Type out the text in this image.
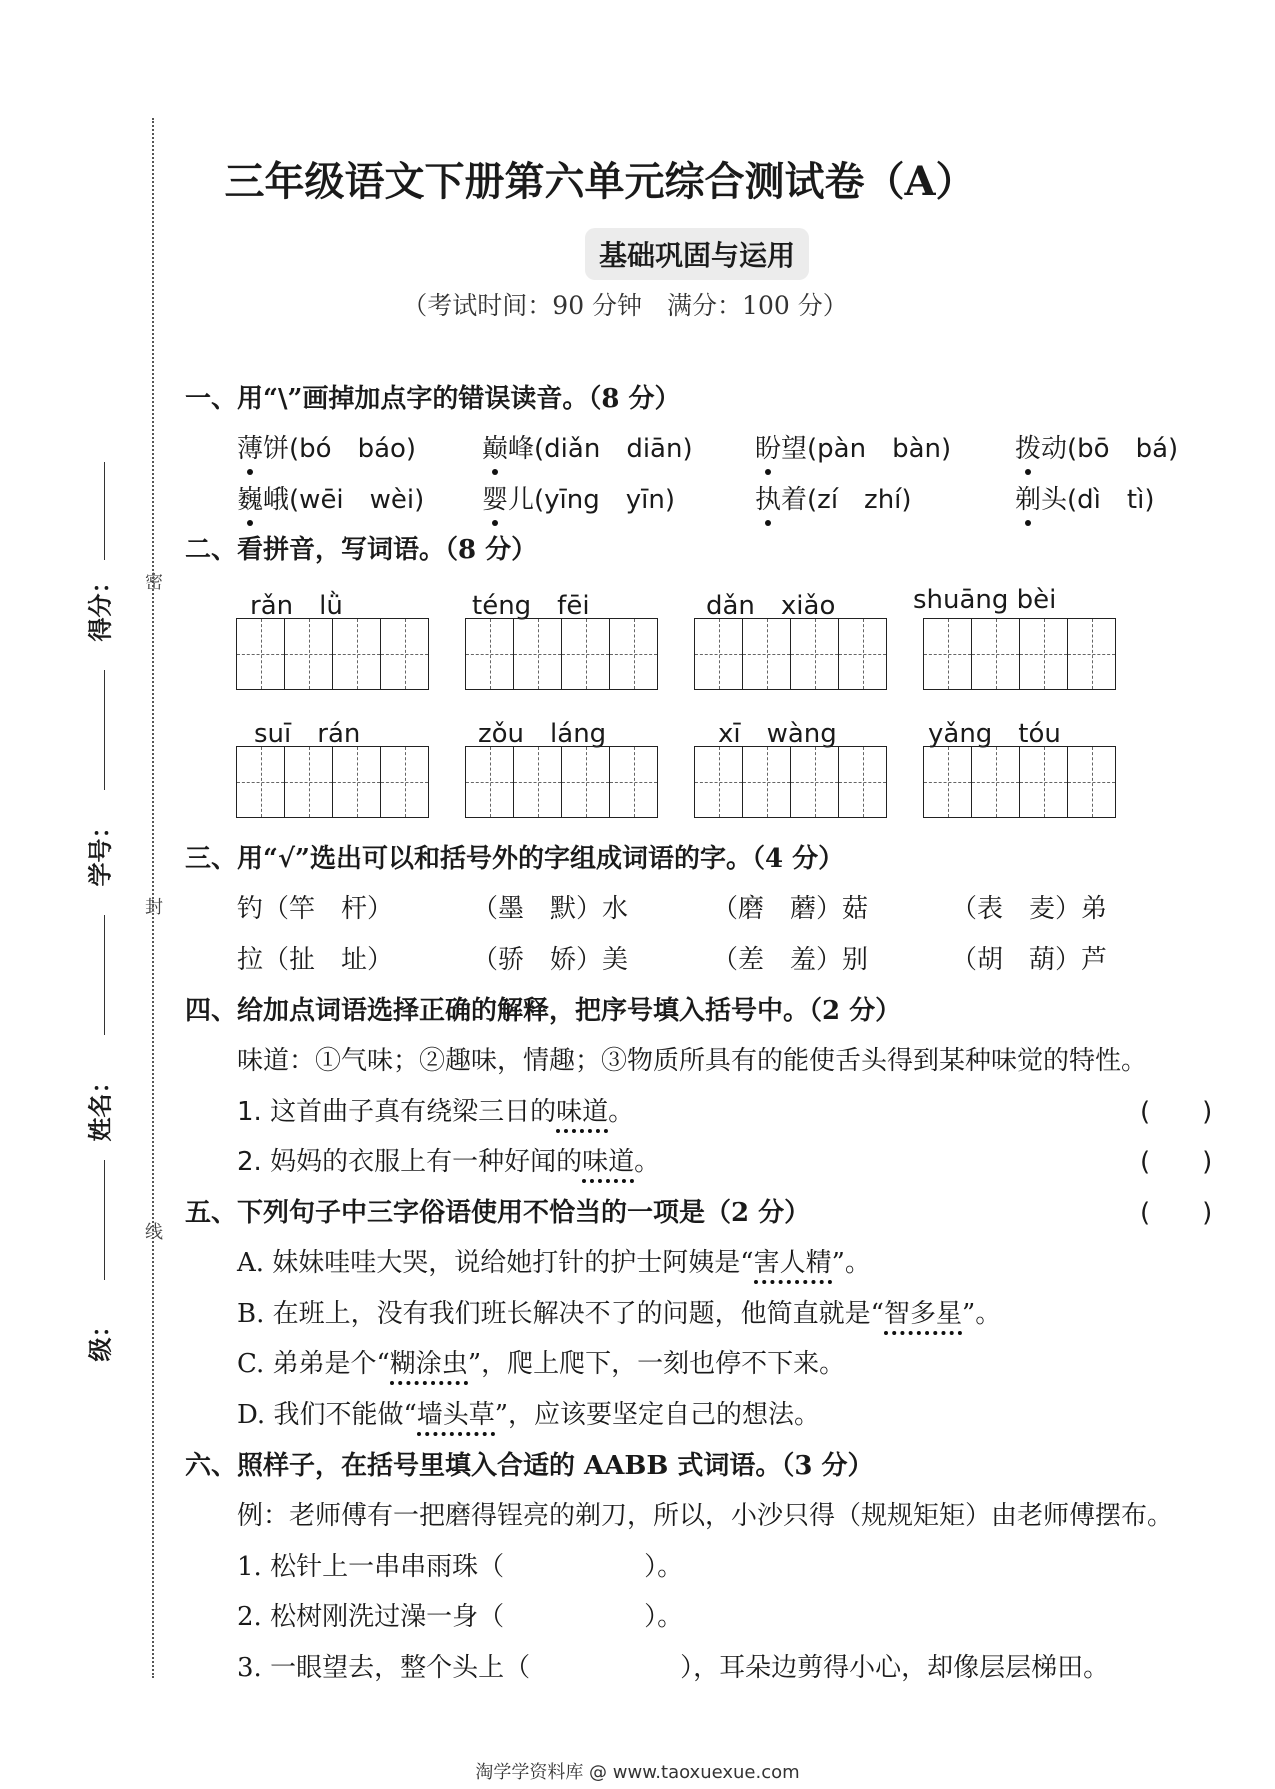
密
封
线
得分：
学号：
姓名：
级：
三年级语文下册第六单元综合测试卷（A）
基础巩固与运用
（考试时间：90 分钟　满分：100 分）
一、用“\”画掉加点字的错误读音。（8 分）
薄饼(bó　báo)	巅峰(diǎn　diān) 盼望(pàn　bàn) 拨动(bō　bá)
巍峨(wēi　wèi) 婴儿(yīng　yīn)	执着(zí　zhí)	剃头(dì　tì)
二、看拼音，写词语。（8 分）
rǎn　lǜ	téng　fēi	dǎn　xiǎo	shuāng bèi
suī　rán	zǒu　láng	xī　wàng	yǎng　tóu
三、用“√”选出可以和括号外的字组成词语的字。（4 分）
钓（竿　杆）	（墨　默）水	（磨　蘑）菇	（表　麦）弟
拉（扯　址）	（骄　娇）美	（差　羞）别	（胡　葫）芦
四、给加点词语选择正确的解释，把序号填入括号中。（2 分）
味道：①气味；②趣味，情趣；③物质所具有的能使舌头得到某种味觉的特性。
1. 这首曲子真有绕梁三日的味道。	(　　)
2. 妈妈的衣服上有一种好闻的味道。	(　　)
五、下列句子中三字俗语使用不恰当的一项是（2 分）	(　　)
A. 妹妹哇哇大哭，说给她打针的护士阿姨是“害人精”。
B. 在班上，没有我们班长解决不了的问题，他简直就是“智多星”。
C. 弟弟是个“糊涂虫”，爬上爬下，一刻也停不下来。
D. 我们不能做“墙头草”，应该要坚定自己的想法。
六、照样子，在括号里填入合适的 AABB 式词语。（3 分）
例：老师傅有一把磨得锃亮的剃刀，所以，小沙只得（规规矩矩）由老师傅摆布。
1. 松针上一串串雨珠（	）。
2. 松树刚洗过澡一身（	）。
3. 一眼望去，整个头上（	），耳朵边剪得小心，却像层层梯田。
淘学学资料库 @ www.taoxuexue.com
